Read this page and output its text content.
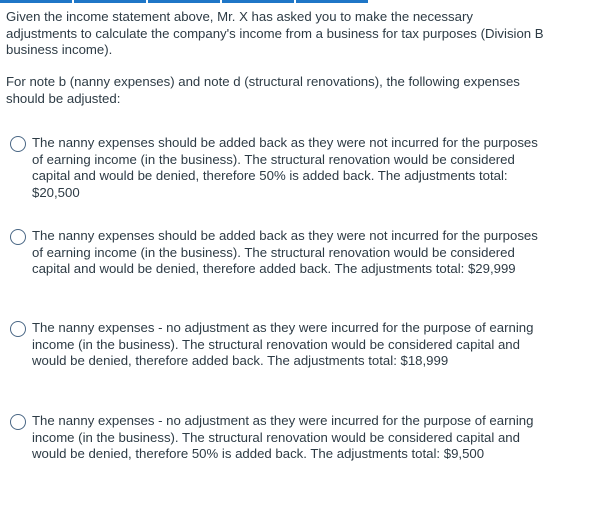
Given the income statement above, Mr. X has asked you to make the necessary adjustments to calculate the company's income from a business for tax purposes (Division B business income).

For note b (nanny expenses) and note d (structural renovations), the following expenses should be adjusted:

The nanny expenses should be added back as they were not incurred for the purposes of earning income (in the business). The structural renovation would be considered capital and would be denied, therefore 50% is added back. The adjustments total: $20,500
The nanny expenses should be added back as they were not incurred for the purposes of earning income (in the business). The structural renovation would be considered capital and would be denied, therefore added back. The adjustments total: $29,999
The nanny expenses - no adjustment as they were incurred for the purpose of earning income (in the business). The structural renovation would be considered capital and would be denied, therefore added back. The adjustments total: $18,999
The nanny expenses - no adjustment as they were incurred for the purpose of earning income (in the business). The structural renovation would be considered capital and would be denied, therefore 50% is added back. The adjustments total: $9,500
